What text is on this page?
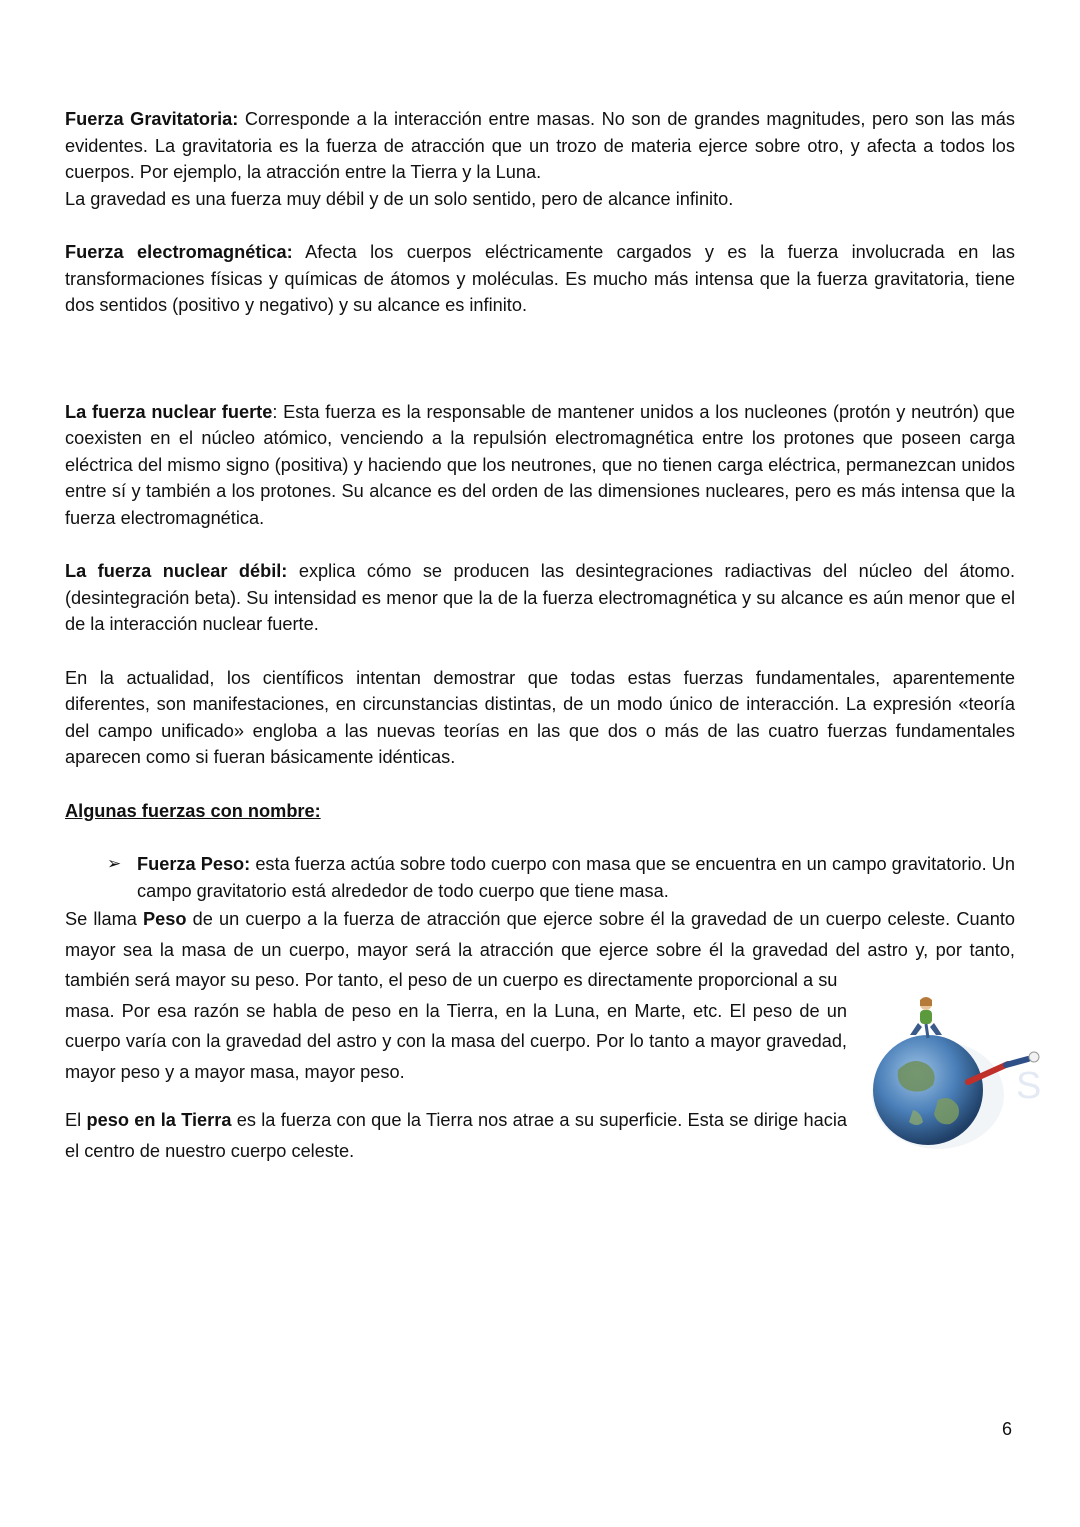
Fuerza Gravitatoria: Corresponde a la interacción entre masas. No son de grandes magnitudes, pero son las más evidentes. La gravitatoria es la fuerza de atracción que un trozo de materia ejerce sobre otro, y afecta a todos los cuerpos. Por ejemplo, la atracción entre la Tierra y la Luna.
La gravedad es una fuerza muy débil y de un solo sentido, pero de alcance infinito.

Fuerza electromagnética: Afecta los cuerpos eléctricamente cargados y es la fuerza involucrada en las transformaciones físicas y químicas de átomos y moléculas. Es mucho más intensa que la fuerza gravitatoria, tiene dos sentidos (positivo y negativo) y su alcance es infinito.

La fuerza nuclear fuerte: Esta fuerza es la responsable de mantener unidos a los nucleones (protón y neutrón) que coexisten en el núcleo atómico, venciendo a la repulsión electromagnética entre los protones que poseen carga eléctrica del mismo signo (positiva) y haciendo que los neutrones, que no tienen carga eléctrica, permanezcan unidos entre sí y también a los protones. Su alcance es del orden de las dimensiones nucleares, pero es más intensa que la fuerza electromagnética.

La fuerza nuclear débil: explica cómo se producen las desintegraciones radiactivas del núcleo del átomo. (desintegración beta). Su intensidad es menor que la de la fuerza electromagnética y su alcance es aún menor que el de la interacción nuclear fuerte.

En la actualidad, los científicos intentan demostrar que todas estas fuerzas fundamentales, aparentemente diferentes, son manifestaciones, en circunstancias distintas, de un modo único de interacción. La expresión «teoría del campo unificado» engloba a las nuevas teorías en las que dos o más de las cuatro fuerzas fundamentales aparecen como si fueran básicamente idénticas.

Algunas fuerzas con nombre:
➢ Fuerza Peso: esta fuerza actúa sobre todo cuerpo con masa que se encuentra en un campo gravitatorio. Un campo gravitatorio está alrededor de todo cuerpo que tiene masa.

Se llama Peso de un cuerpo a la fuerza de atracción que ejerce sobre él la gravedad de un cuerpo celeste. Cuanto mayor sea la masa de un cuerpo, mayor será la atracción que ejerce sobre él la gravedad del astro y, por tanto, también será mayor su peso. Por tanto, el peso de un cuerpo es directamente proporcional a su

masa. Por esa razón se habla de peso en la Tierra, en la Luna, en Marte, etc. El peso de un cuerpo varía con la gravedad del astro y con la masa del cuerpo. Por lo tanto a mayor gravedad, mayor peso y a mayor masa, mayor peso.

El peso en la Tierra es la fuerza con que la Tierra nos atrae a su superficie. Esta se dirige hacia el centro de nuestro cuerpo celeste.

S
6
